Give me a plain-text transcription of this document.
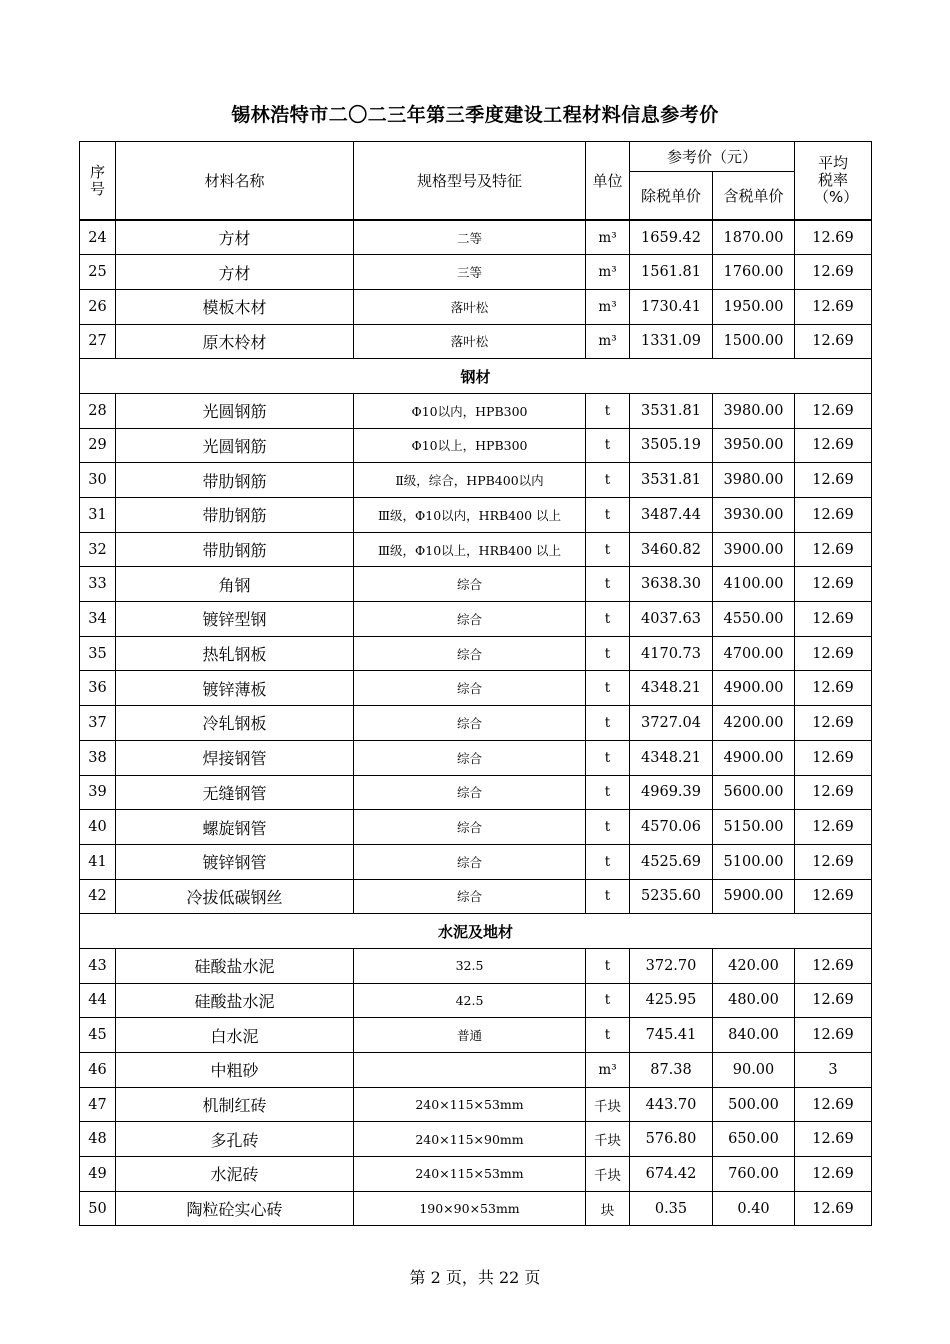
锡林浩特市二〇二三年第三季度建设工程材料信息参考价
序号	材料名称	规格型号及特征	单位	参考价（元）		平均税率（%）
				除税单价	含税单价	
24	方材	二等	m³	1659.42	1870.00	12.69
25	方材	三等	m³	1561.81	1760.00	12.69
26	模板木材	落叶松	m³	1730.41	1950.00	12.69
27	原木柃材	落叶松	m³	1331.09	1500.00	12.69
钢材						
28	光圆钢筋	Φ10以内，HPB300	t	3531.81	3980.00	12.69
29	光圆钢筋	Φ10以上，HPB300	t	3505.19	3950.00	12.69
30	带肋钢筋	Ⅱ级，综合，HPB400以内	t	3531.81	3980.00	12.69
31	带肋钢筋	Ⅲ级，Φ10以内，HRB400 以上	t	3487.44	3930.00	12.69
32	带肋钢筋	Ⅲ级，Φ10以上，HRB400 以上	t	3460.82	3900.00	12.69
33	角钢	综合	t	3638.30	4100.00	12.69
34	镀锌型钢	综合	t	4037.63	4550.00	12.69
35	热轧钢板	综合	t	4170.73	4700.00	12.69
36	镀锌薄板	综合	t	4348.21	4900.00	12.69
37	冷轧钢板	综合	t	3727.04	4200.00	12.69
38	焊接钢管	综合	t	4348.21	4900.00	12.69
39	无缝钢管	综合	t	4969.39	5600.00	12.69
40	螺旋钢管	综合	t	4570.06	5150.00	12.69
41	镀锌钢管	综合	t	4525.69	5100.00	12.69
42	冷拔低碳钢丝	综合	t	5235.60	5900.00	12.69
水泥及地材						
43	硅酸盐水泥	32.5	t	372.70	420.00	12.69
44	硅酸盐水泥	42.5	t	425.95	480.00	12.69
45	白水泥	普通	t	745.41	840.00	12.69
46	中粗砂		m³	87.38	90.00	3
47	机制红砖	240×115×53mm	千块	443.70	500.00	12.69
48	多孔砖	240×115×90mm	千块	576.80	650.00	12.69
49	水泥砖	240×115×53mm	千块	674.42	760.00	12.69
50	陶粒砼实心砖	190×90×53mm	块	0.35	0.40	12.69
第 2 页，共 22 页
